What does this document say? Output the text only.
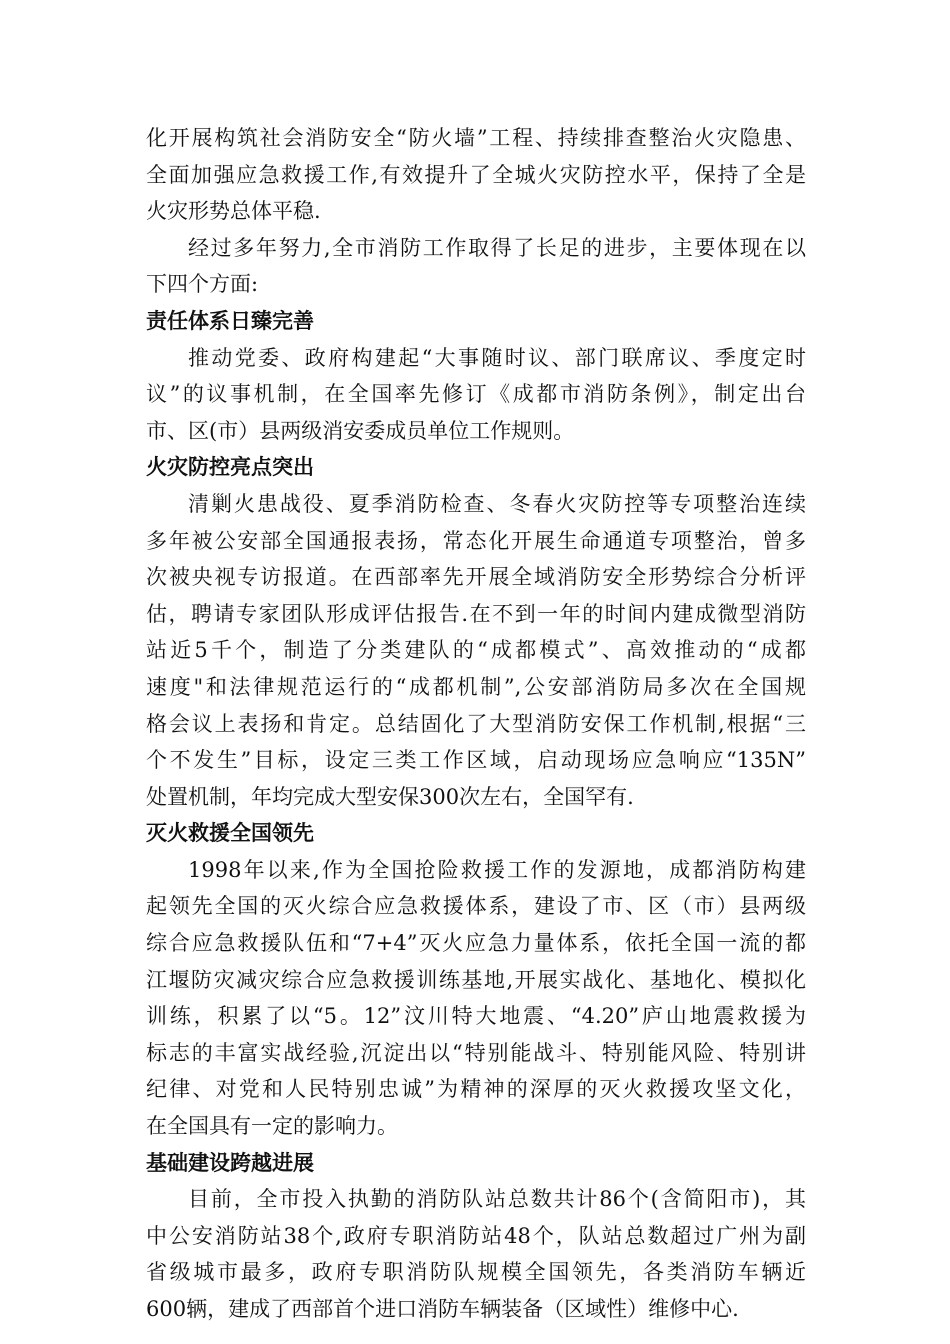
化开展构筑社会消防安全“防火墙”工程、持续排查整治火灾隐患、
全面加强应急救援工作,有效提升了全城火灾防控水平，保持了全是
火灾形势总体平稳.
经过多年努力,全市消防工作取得了长足的进步，主要体现在以
下四个方面:
责任体系日臻完善
推动党委、政府构建起“大事随时议、部门联席议、季度定时
议”的议事机制，在全国率先修订《成都市消防条例》，制定出台
市、区(市）县两级消安委成员单位工作规则。
火灾防控亮点突出
清剿火患战役、夏季消防检查、冬春火灾防控等专项整治连续
多年被公安部全国通报表扬，常态化开展生命通道专项整治，曾多
次被央视专访报道。在西部率先开展全域消防安全形势综合分析评
估，聘请专家团队形成评估报告.在不到一年的时间内建成微型消防
站近5千个，制造了分类建队的“成都模式”、高效推动的“成都
速度"和法律规范运行的“成都机制”,公安部消防局多次在全国规
格会议上表扬和肯定。总结固化了大型消防安保工作机制,根据“三
个不发生”目标，设定三类工作区域，启动现场应急响应“135N”
处置机制，年均完成大型安保300次左右，全国罕有.
灭火救援全国领先
1998年以来,作为全国抢险救援工作的发源地，成都消防构建
起领先全国的灭火综合应急救援体系，建设了市、区（市）县两级
综合应急救援队伍和“7+4”灭火应急力量体系，依托全国一流的都
江堰防灾减灾综合应急救援训练基地,开展实战化、基地化、模拟化
训练，积累了以“5。12”汶川特大地震、“4.20”庐山地震救援为
标志的丰富实战经验,沉淀出以“特别能战斗、特别能风险、特别讲
纪律、对党和人民特别忠诚”为精神的深厚的灭火救援攻坚文化，
在全国具有一定的影响力。
基础建设跨越进展
目前，全市投入执勤的消防队站总数共计86个(含简阳市)，其
中公安消防站38个,政府专职消防站48个，队站总数超过广州为副
省级城市最多，政府专职消防队规模全国领先，各类消防车辆近
600辆，建成了西部首个进口消防车辆装备（区域性）维修中心.
